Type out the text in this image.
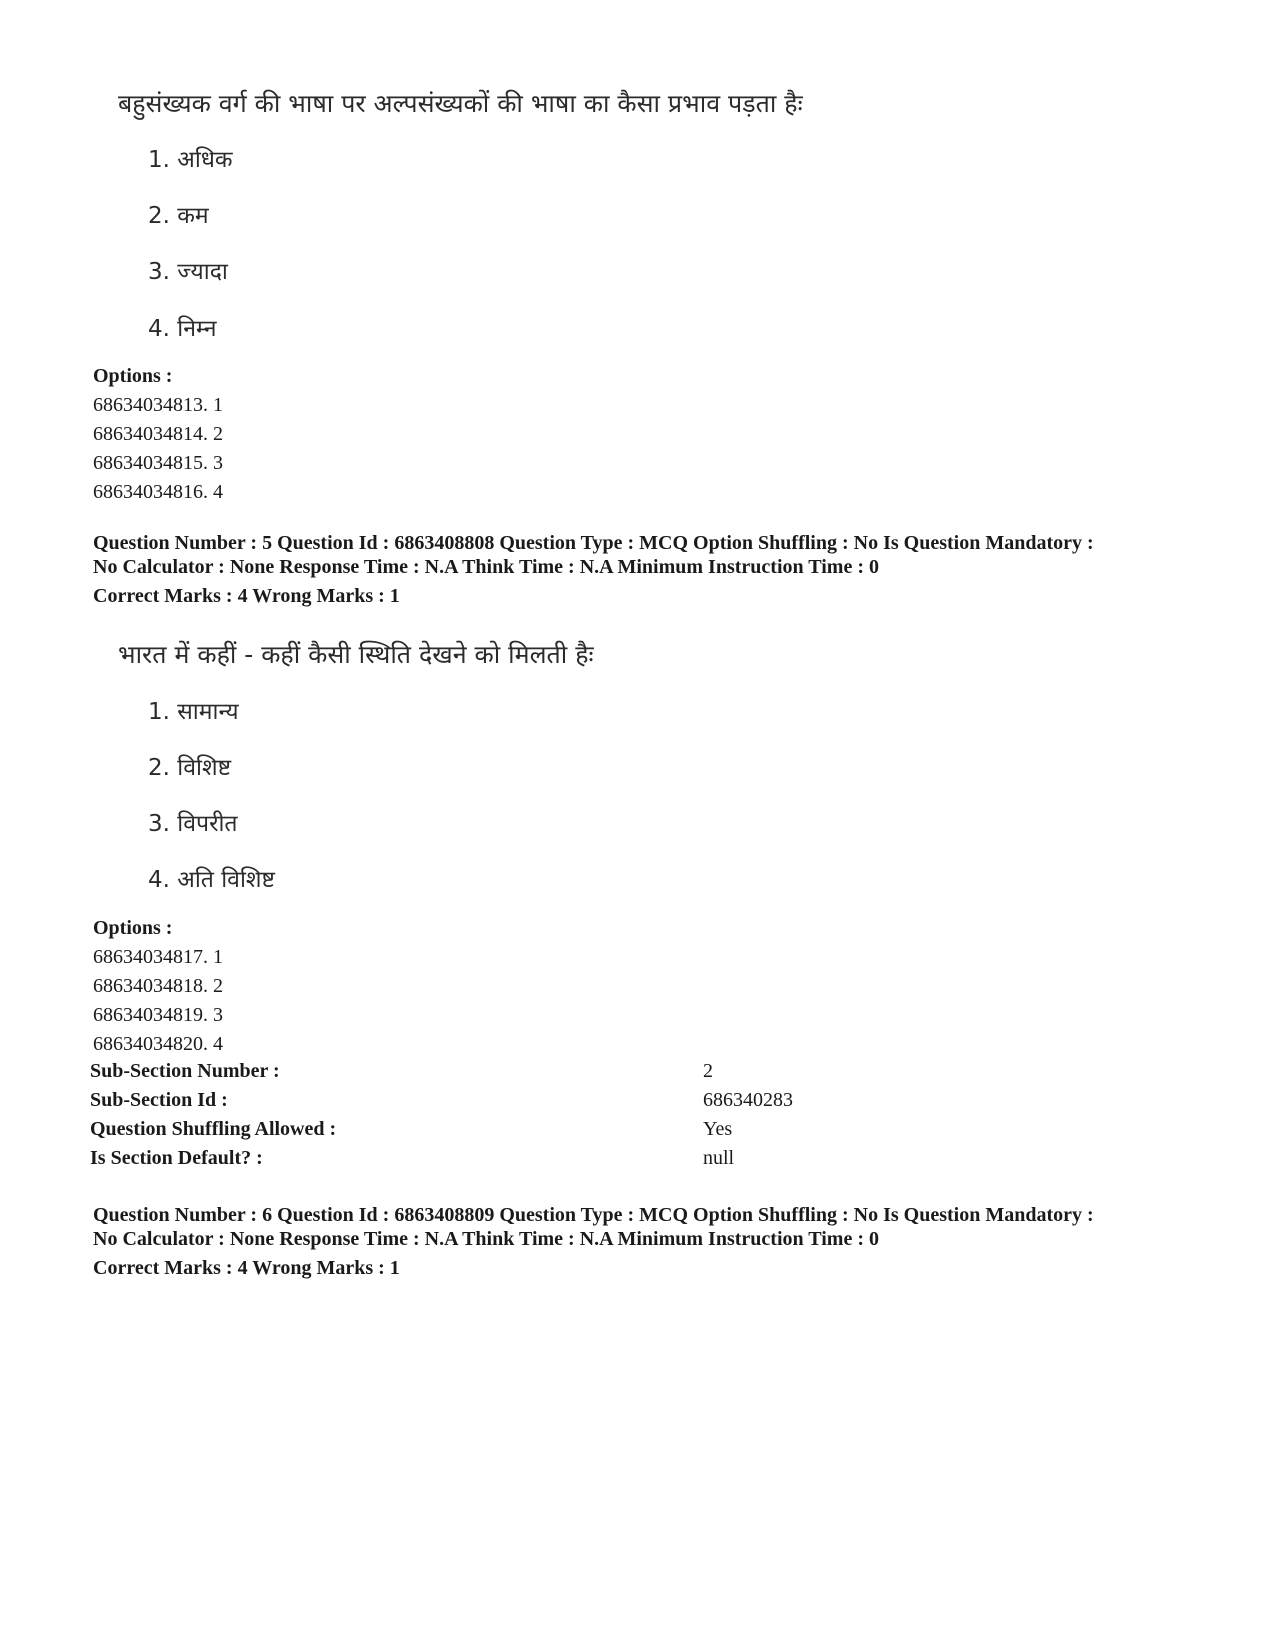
बहुसंख्यक वर्ग की भाषा पर अल्पसंख्यकों की भाषा का कैसा प्रभाव पड़ता हैः
1. अधिक
2. कम
3. ज्यादा
4. निम्न
Options :
68634034813. 1
68634034814. 2
68634034815. 3
68634034816. 4
Question Number : 5 Question Id : 6863408808 Question Type : MCQ Option Shuffling : No Is Question Mandatory :
No Calculator : None Response Time : N.A Think Time : N.A Minimum Instruction Time : 0
Correct Marks : 4 Wrong Marks : 1
भारत में कहीं - कहीं कैसी स्थिति देखने को मिलती हैः
1. सामान्य
2. विशिष्ट
3. विपरीत
4. अति विशिष्ट
Options :
68634034817. 1
68634034818. 2
68634034819. 3
68634034820. 4
Sub-Section Number :	2
Sub-Section Id :	686340283
Question Shuffling Allowed :	Yes
Is Section Default? :	null
Question Number : 6 Question Id : 6863408809 Question Type : MCQ Option Shuffling : No Is Question Mandatory :
No Calculator : None Response Time : N.A Think Time : N.A Minimum Instruction Time : 0
Correct Marks : 4 Wrong Marks : 1
